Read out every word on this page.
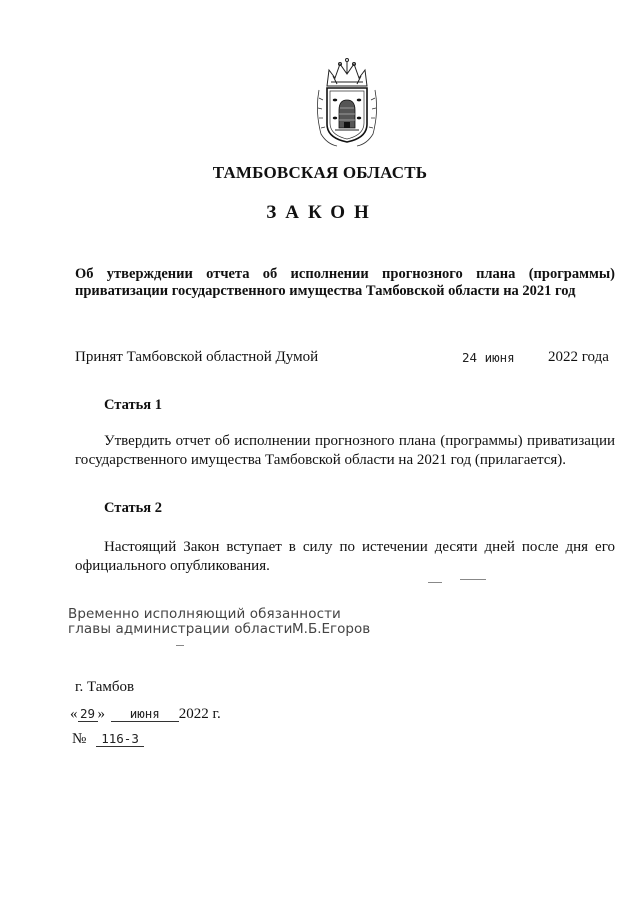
ТАМБОВСКАЯ ОБЛАСТЬ
ЗАКОН
Об утверждении отчета об исполнении прогнозного плана (программы) приватизации государственного имущества Тамбовской области на 2021 год
Принят Тамбовской областной Думой	24 июня 2022 года
Статья 1
Утвердить отчет об исполнении прогнозного плана (программы) приватизации государственного имущества Тамбовской области на 2021 год (прилагается).
Статья 2
Настоящий Закон вступает в силу по истечении десяти дней после дня его официального опубликования.
Временно исполняющий обязанности
главы администрации области М.Б.Егоров
г. Тамбов
« 29 » июня 2022 г.
№ 116-З
